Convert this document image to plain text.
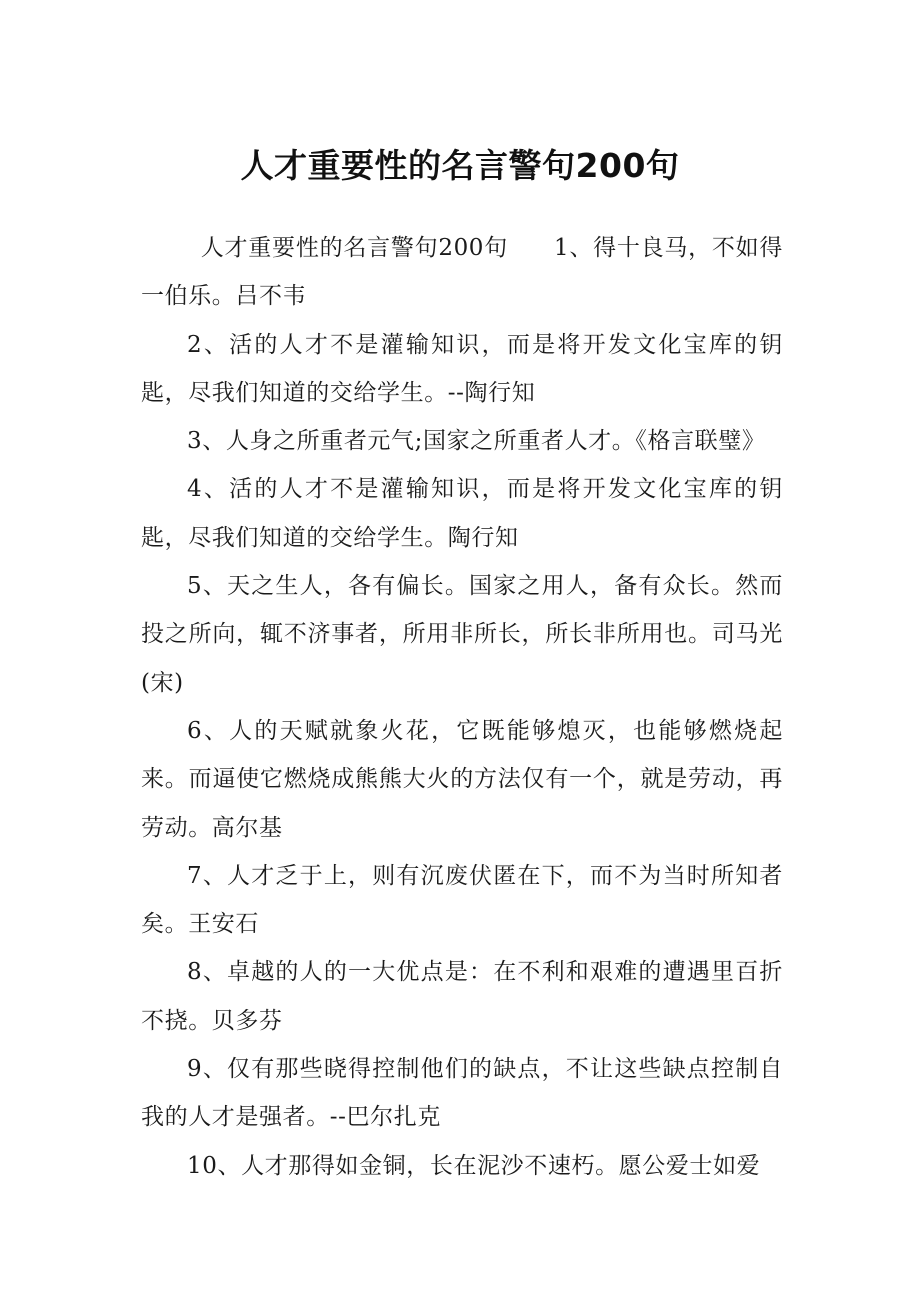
人才重要性的名言警句200句

人才重要性的名言警句200句 1、得十良马，不如得一伯乐。吕不韦

2、活的人才不是灌输知识，而是将开发文化宝库的钥匙，尽我们知道的交给学生。--陶行知

3、人身之所重者元气;国家之所重者人才。《格言联璧》

4、活的人才不是灌输知识，而是将开发文化宝库的钥匙，尽我们知道的交给学生。陶行知

5、天之生人，各有偏长。国家之用人，备有众长。然而投之所向，辄不济事者，所用非所长，所长非所用也。司马光(宋)

6、人的天赋就象火花，它既能够熄灭，也能够燃烧起来。而逼使它燃烧成熊熊大火的方法仅有一个，就是劳动，再劳动。高尔基

7、人才乏于上，则有沉废伏匿在下，而不为当时所知者矣。王安石

8、卓越的人的一大优点是：在不利和艰难的遭遇里百折不挠。贝多芬

9、仅有那些晓得控制他们的缺点，不让这些缺点控制自我的人才是强者。--巴尔扎克

10、人才那得如金铜，长在泥沙不速朽。愿公爱士如爱
